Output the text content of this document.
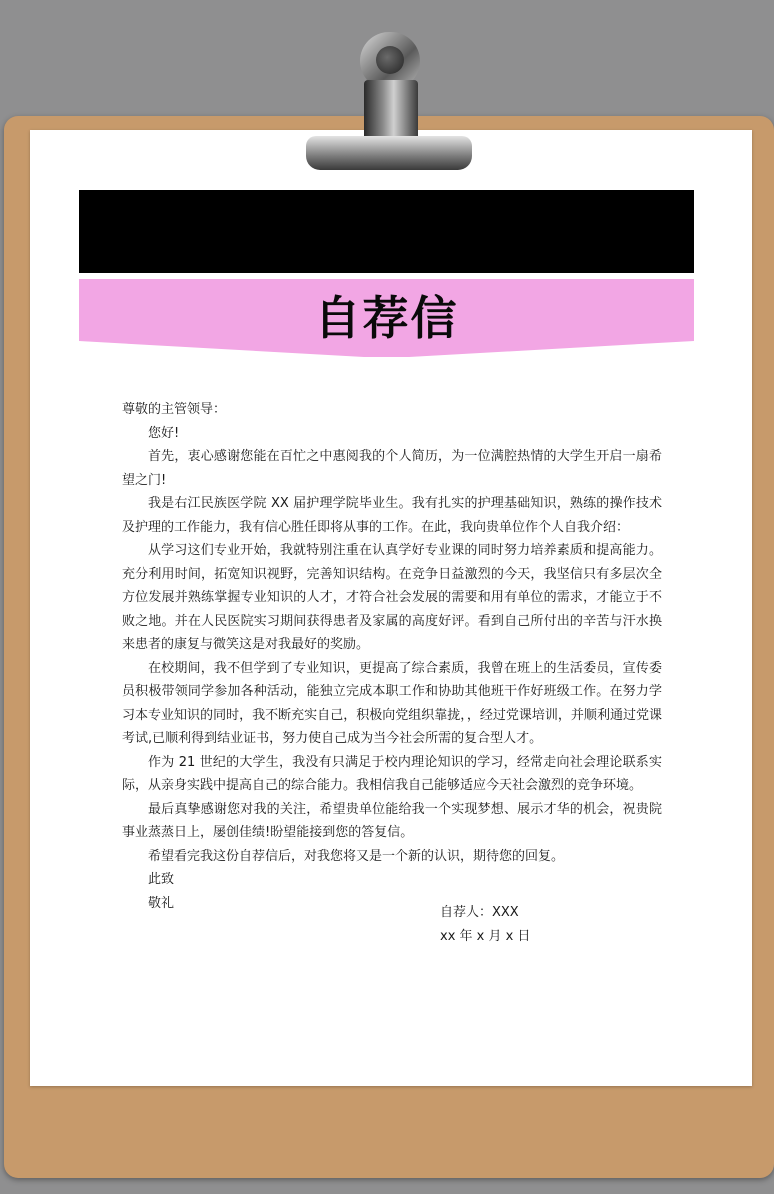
自荐信

尊敬的主管领导：

您好!

首先，衷心感谢您能在百忙之中惠阅我的个人简历，为一位满腔热情的大学生开启一扇希望之门!

我是右江民族医学院 XX 届护理学院毕业生。我有扎实的护理基础知识，熟练的操作技术及护理的工作能力，我有信心胜任即将从事的工作。在此，我向贵单位作个人自我介绍：

从学习这们专业开始，我就特别注重在认真学好专业课的同时努力培养素质和提高能力。充分利用时间，拓宽知识视野，完善知识结构。在竞争日益激烈的今天，我坚信只有多层次全方位发展并熟练掌握专业知识的人才，才符合社会发展的需要和用有单位的需求，才能立于不败之地。并在人民医院实习期间获得患者及家属的高度好评。看到自己所付出的辛苦与汗水换来患者的康复与微笑这是对我最好的奖励。

在校期间，我不但学到了专业知识，更提高了综合素质，我曾在班上的生活委员，宣传委员积极带领同学参加各种活动，能独立完成本职工作和协助其他班干作好班级工作。在努力学习本专业知识的同时，我不断充实自己，积极向党组织靠拢，，经过党课培训，并顺利通过党课考试,已顺利得到结业证书，努力使自己成为当今社会所需的复合型人才。

作为 21 世纪的大学生，我没有只满足于校内理论知识的学习，经常走向社会理论联系实际，从亲身实践中提高自己的综合能力。我相信我自己能够适应今天社会激烈的竞争环境。

最后真挚感谢您对我的关注，希望贵单位能给我一个实现梦想、展示才华的机会，祝贵院事业蒸蒸日上，屡创佳绩!盼望能接到您的答复信。

希望看完我这份自荐信后，对我您将又是一个新的认识，期待您的回复。

此致

敬礼

自荐人：XXX
xx 年 x 月 x 日
